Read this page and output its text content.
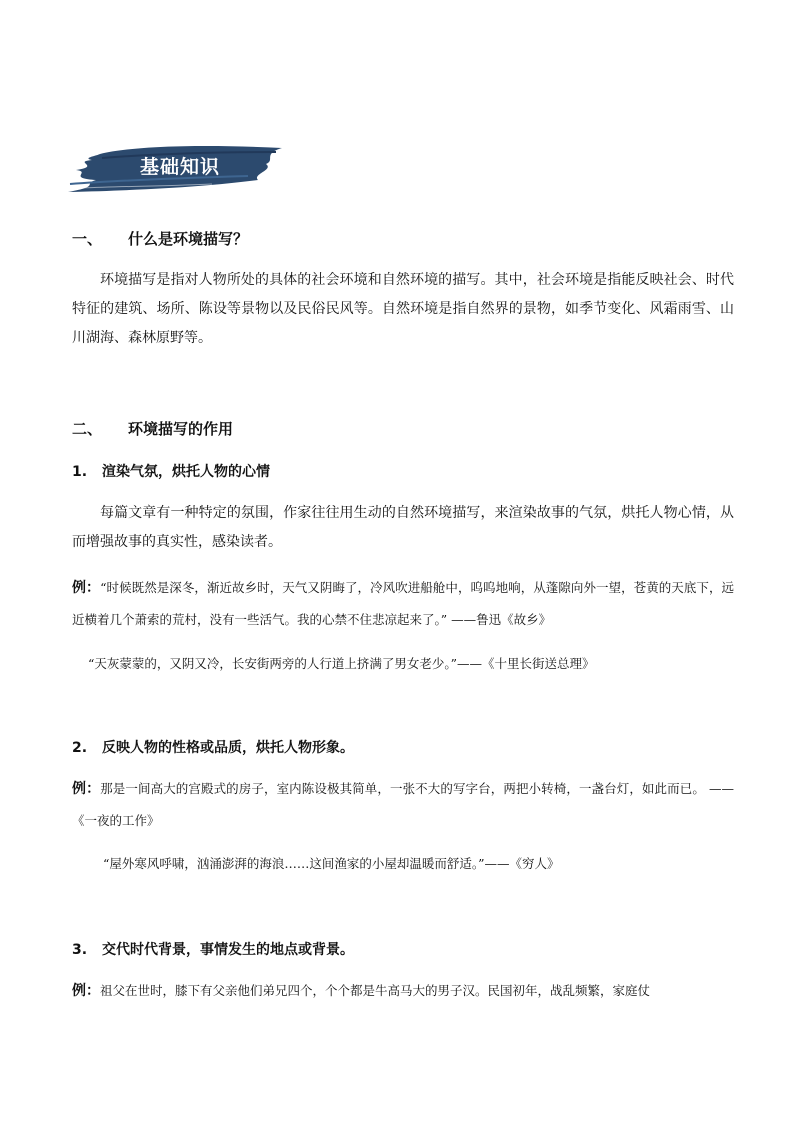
基础知识
一、 什么是环境描写？
环境描写是指对人物所处的具体的社会环境和自然环境的描写。其中，社会环境是指能反映社会、时代特征的建筑、场所、陈设等景物以及民俗民风等。自然环境是指自然界的景物，如季节变化、风霜雨雪、山川湖海、森林原野等。
二、 环境描写的作用
1. 渲染气氛，烘托人物的心情
每篇文章有一种特定的氛围，作家往往用生动的自然环境描写，来渲染故事的气氛，烘托人物心情，从而增强故事的真实性，感染读者。
例：“时候既然是深冬，渐近故乡时，天气又阴晦了，冷风吹进船舱中，呜呜地响，从蓬隙向外一望，苍黄的天底下，远近横着几个萧索的荒村，没有一些活气。我的心禁不住悲凉起来了。” ——鲁迅《故乡》
“天灰蒙蒙的，又阴又冷，长安街两旁的人行道上挤满了男女老少。”——《十里长街送总理》
2. 反映人物的性格或品质，烘托人物形象。
例：那是一间高大的宫殿式的房子，室内陈设极其简单，一张不大的写字台，两把小转椅，一盏台灯，如此而已。 ——《一夜的工作》
“屋外寒风呼啸，汹涌澎湃的海浪……这间渔家的小屋却温暖而舒适。”——《穷人》
3. 交代时代背景，事情发生的地点或背景。
例：祖父在世时，膝下有父亲他们弟兄四个，个个都是牛高马大的男子汉。民国初年，战乱频繁，家庭仗
